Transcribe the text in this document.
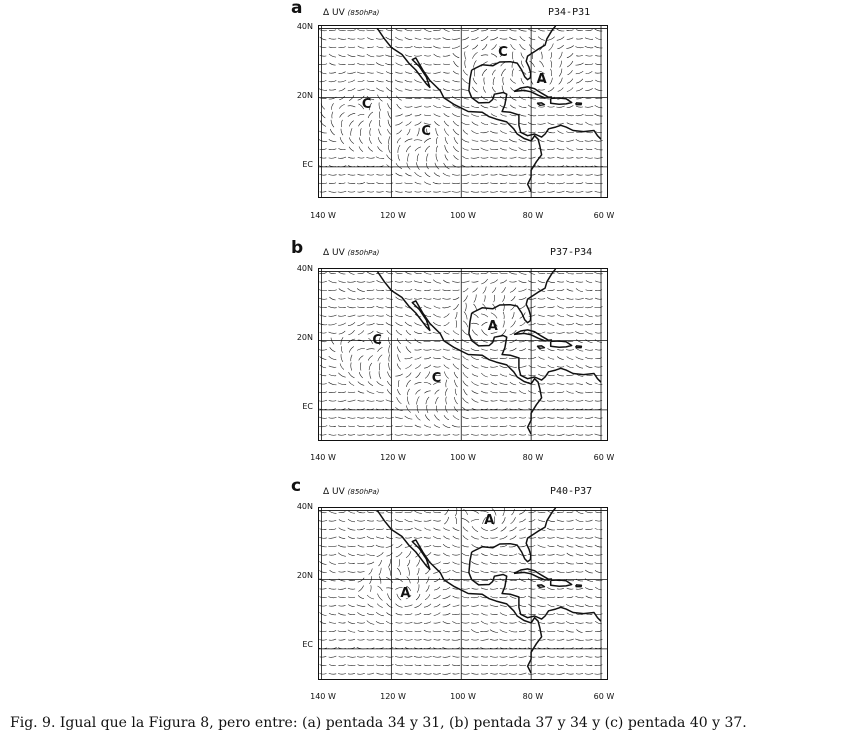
a Δ UV (850hPa)	P34-P31
40N
20N
EC
140 W	120 W	100 W	80 W	60 W
b Δ UV (850hPa)	P37-P34
40N
20N
EC
140 W	120 W	100 W	80 W	60 W
c Δ UV (850hPa)	P40-P37
40N
20N
EC
140 W	120 W	100 W	80 W	60 W
Fig. 9. Igual que la Figura 8, pero entre: (a) pentada 34 y 31, (b) pentada 37 y 34 y (c) pentada 40 y 37.
C
C
C
A
C
C
A
A
A
